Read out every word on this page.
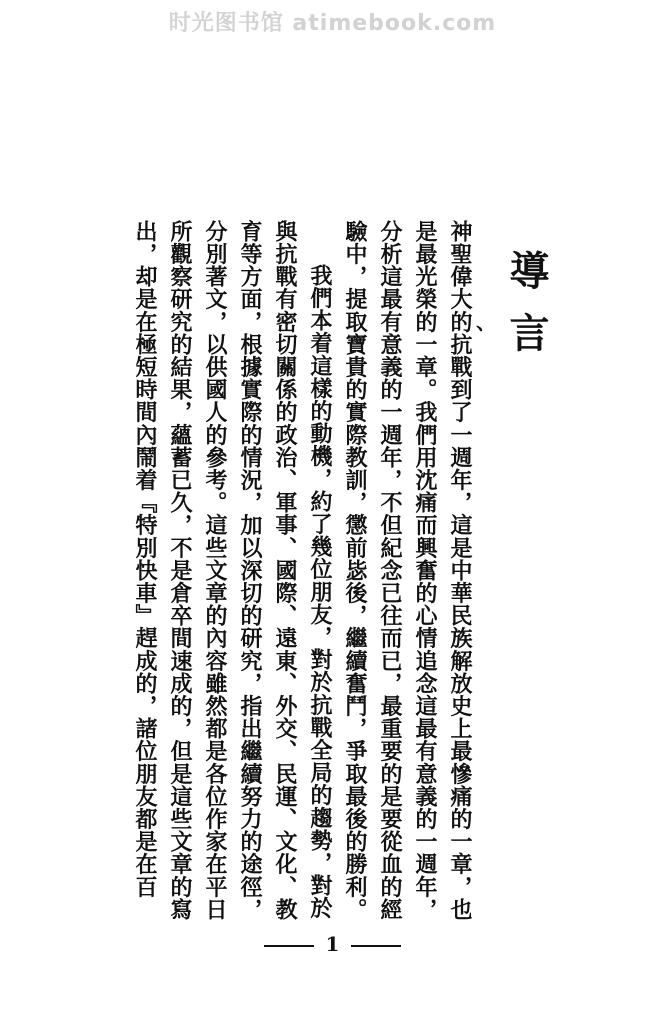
时光图书馆 atimebook.com
導言
、

神聖偉大的抗戰到了一週年，這是中華民族解放史上最慘痛的一章，也是最光榮的一章。我們用沈痛而興奮的心情追念這最有意義的一週年，分析這最有意義的一週年，不但紀念已往而已，最重要的是要從血的經驗中，提取寶貴的實際教訓，懲前毖後，繼續奮鬥，爭取最後的勝利。

我們本着這樣的動機，約了幾位朋友，對於抗戰全局的趨勢，對於與抗戰有密切關係的政治、軍事、國際、遠東、外交、民運、文化、教育等方面，根據實際的情況，加以深切的研究，指出繼續努力的途徑，分別著文，以供國人的參考。這些文章的內容雖然都是各位作家在平日所觀察研究的結果，蘊蓄已久，不是倉卒間速成的，但是這些文章的寫出，却是在極短時間內鬧着『特別快車』趕成的，諸位朋友都是在百

1
